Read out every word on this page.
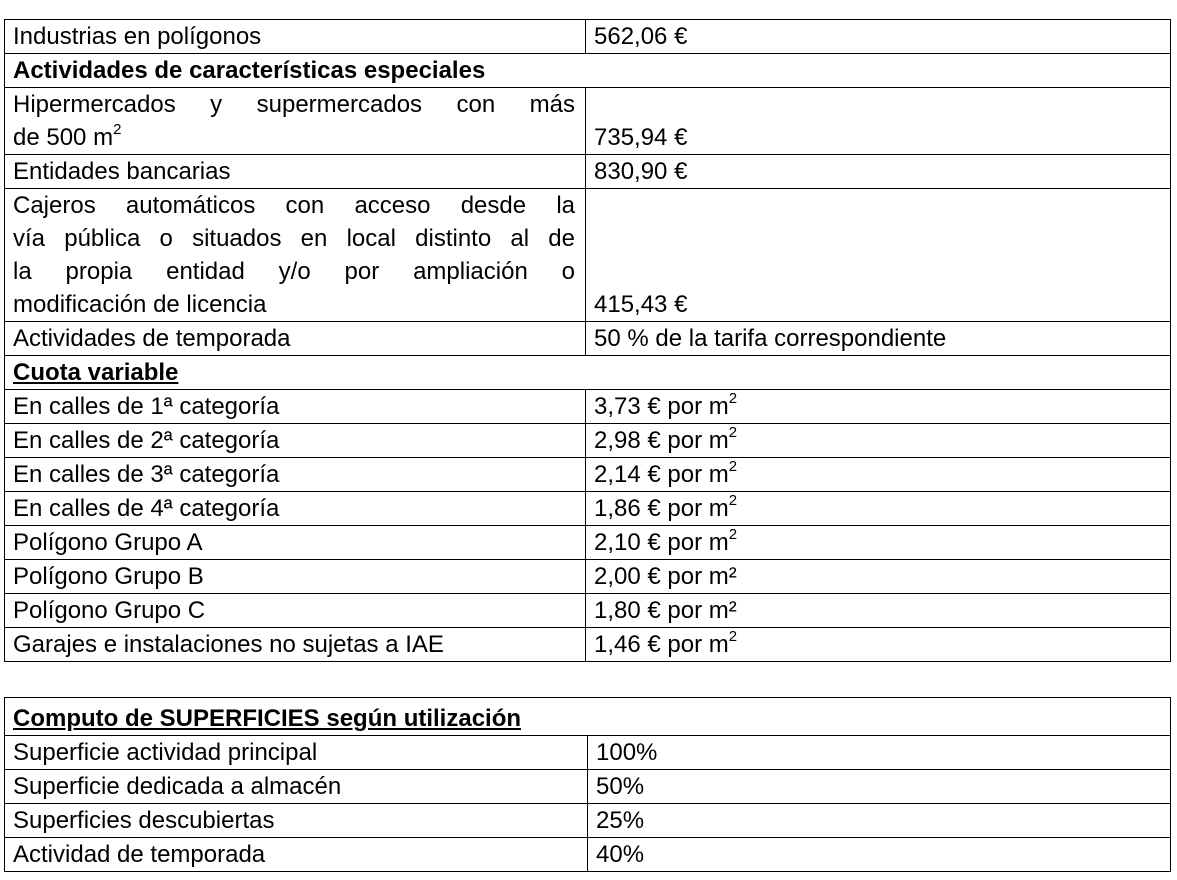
Industrias en polígonos	562,06 €
Actividades de características especiales	

Hipermercados y supermercados con más
de 500 $m^2$	735,94 €
Entidades bancarias	830,90 €

Cajeros automáticos con acceso desde la
vía pública o situados en local distinto al de
la propia entidad y/o por ampliación o
modificación de licencia	415,43 €
Actividades de temporada	50 % de la tarifa correspondiente
Cuota variable	
En calles de 1ª categoría	3,73 € por $m^2$
En calles de 2ª categoría	2,98 € por $m^2$
En calles de 3ª categoría	2,14 € por $m^2$
En calles de 4ª categoría	1,86 € por $m^2$
Polígono Grupo A	2,10 € por $m^2$
Polígono Grupo B	2,00 € por m²
Polígono Grupo C	1,80 € por m²
Garajes e instalaciones no sujetas a IAE	1,46 € por $m^2$
Computo de SUPERFICIES según utilización	
Superficie actividad principal	100%
Superficie dedicada a almacén	50%
Superficies descubiertas	25%
Actividad de temporada	40%
